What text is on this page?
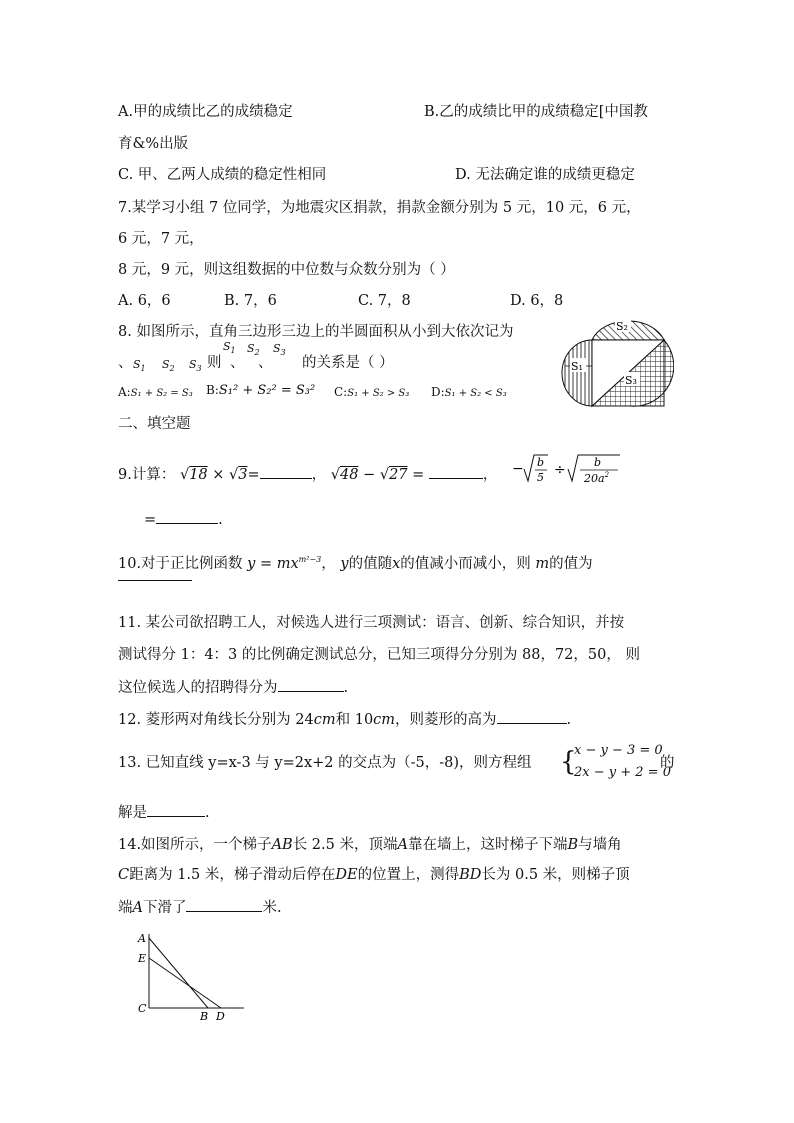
A.甲的成绩比乙的成绩稳定	B.乙的成绩比甲的成绩稳定[中国教
育&%出版
C. 甲、乙两人成绩的稳定性相同	D. 无法确定谁的成绩更稳定
7.某学习小组 7 位同学，为地震灾区捐款，捐款金额分别为 5 元，10 元，6 元，
6 元，7 元，
8 元，9 元，则这组数据的中位数与众数分别为（ ）
A. 6，6	B. 7，6	C. 7，8	D. 6，8
8. 如图所示，直角三边形三边上的半圆面积从小到大依次记为
$S_1$ $S_2$ $S_3$
、 $S_1$ $S_2$ $S_3$ 则 、 、 的关系是（ ）
A:S₁ + S₂ = S₃ B:S₁² + S₂² = S₃² C:S₁ + S₂ > S₃ D:S₁ + S₂ < S₃
S₂
S₁
S₃
二、填空题
9.计算： √18 × √3=	， √48 − √27 =	， − b
5 ÷	b
$20a^2$
=	.
10.对于正比例函数 $y = mx^{m^2-3}$， y的值随x的值减小而减小，则 m的值为
11. 某公司欲招聘工人，对候选人进行三项测试：语言、创新、综合知识，并按
测试得分 1：4：3 的比例确定测试总分，已知三项得分分别为 88，72，50， 则
这位候选人的招聘得分为	.
12. 菱形两对角线长分别为 24cm和 10cm，则菱形的高为	.
13. 已知直线 y=x-3 与 y=2x+2 的交点为（-5，-8)，则方程组 {
x − y − 3 = 0
2x − y + 2 = 0
的
解是	.
14.如图所示，一个梯子AB长 2.5 米，顶端A靠在墙上，这时梯子下端B与墙角
C距离为 1.5 米，梯子滑动后停在DE的位置上，测得BD长为 0.5 米，则梯子顶
端A下滑了	米.
A
E
C
B D
